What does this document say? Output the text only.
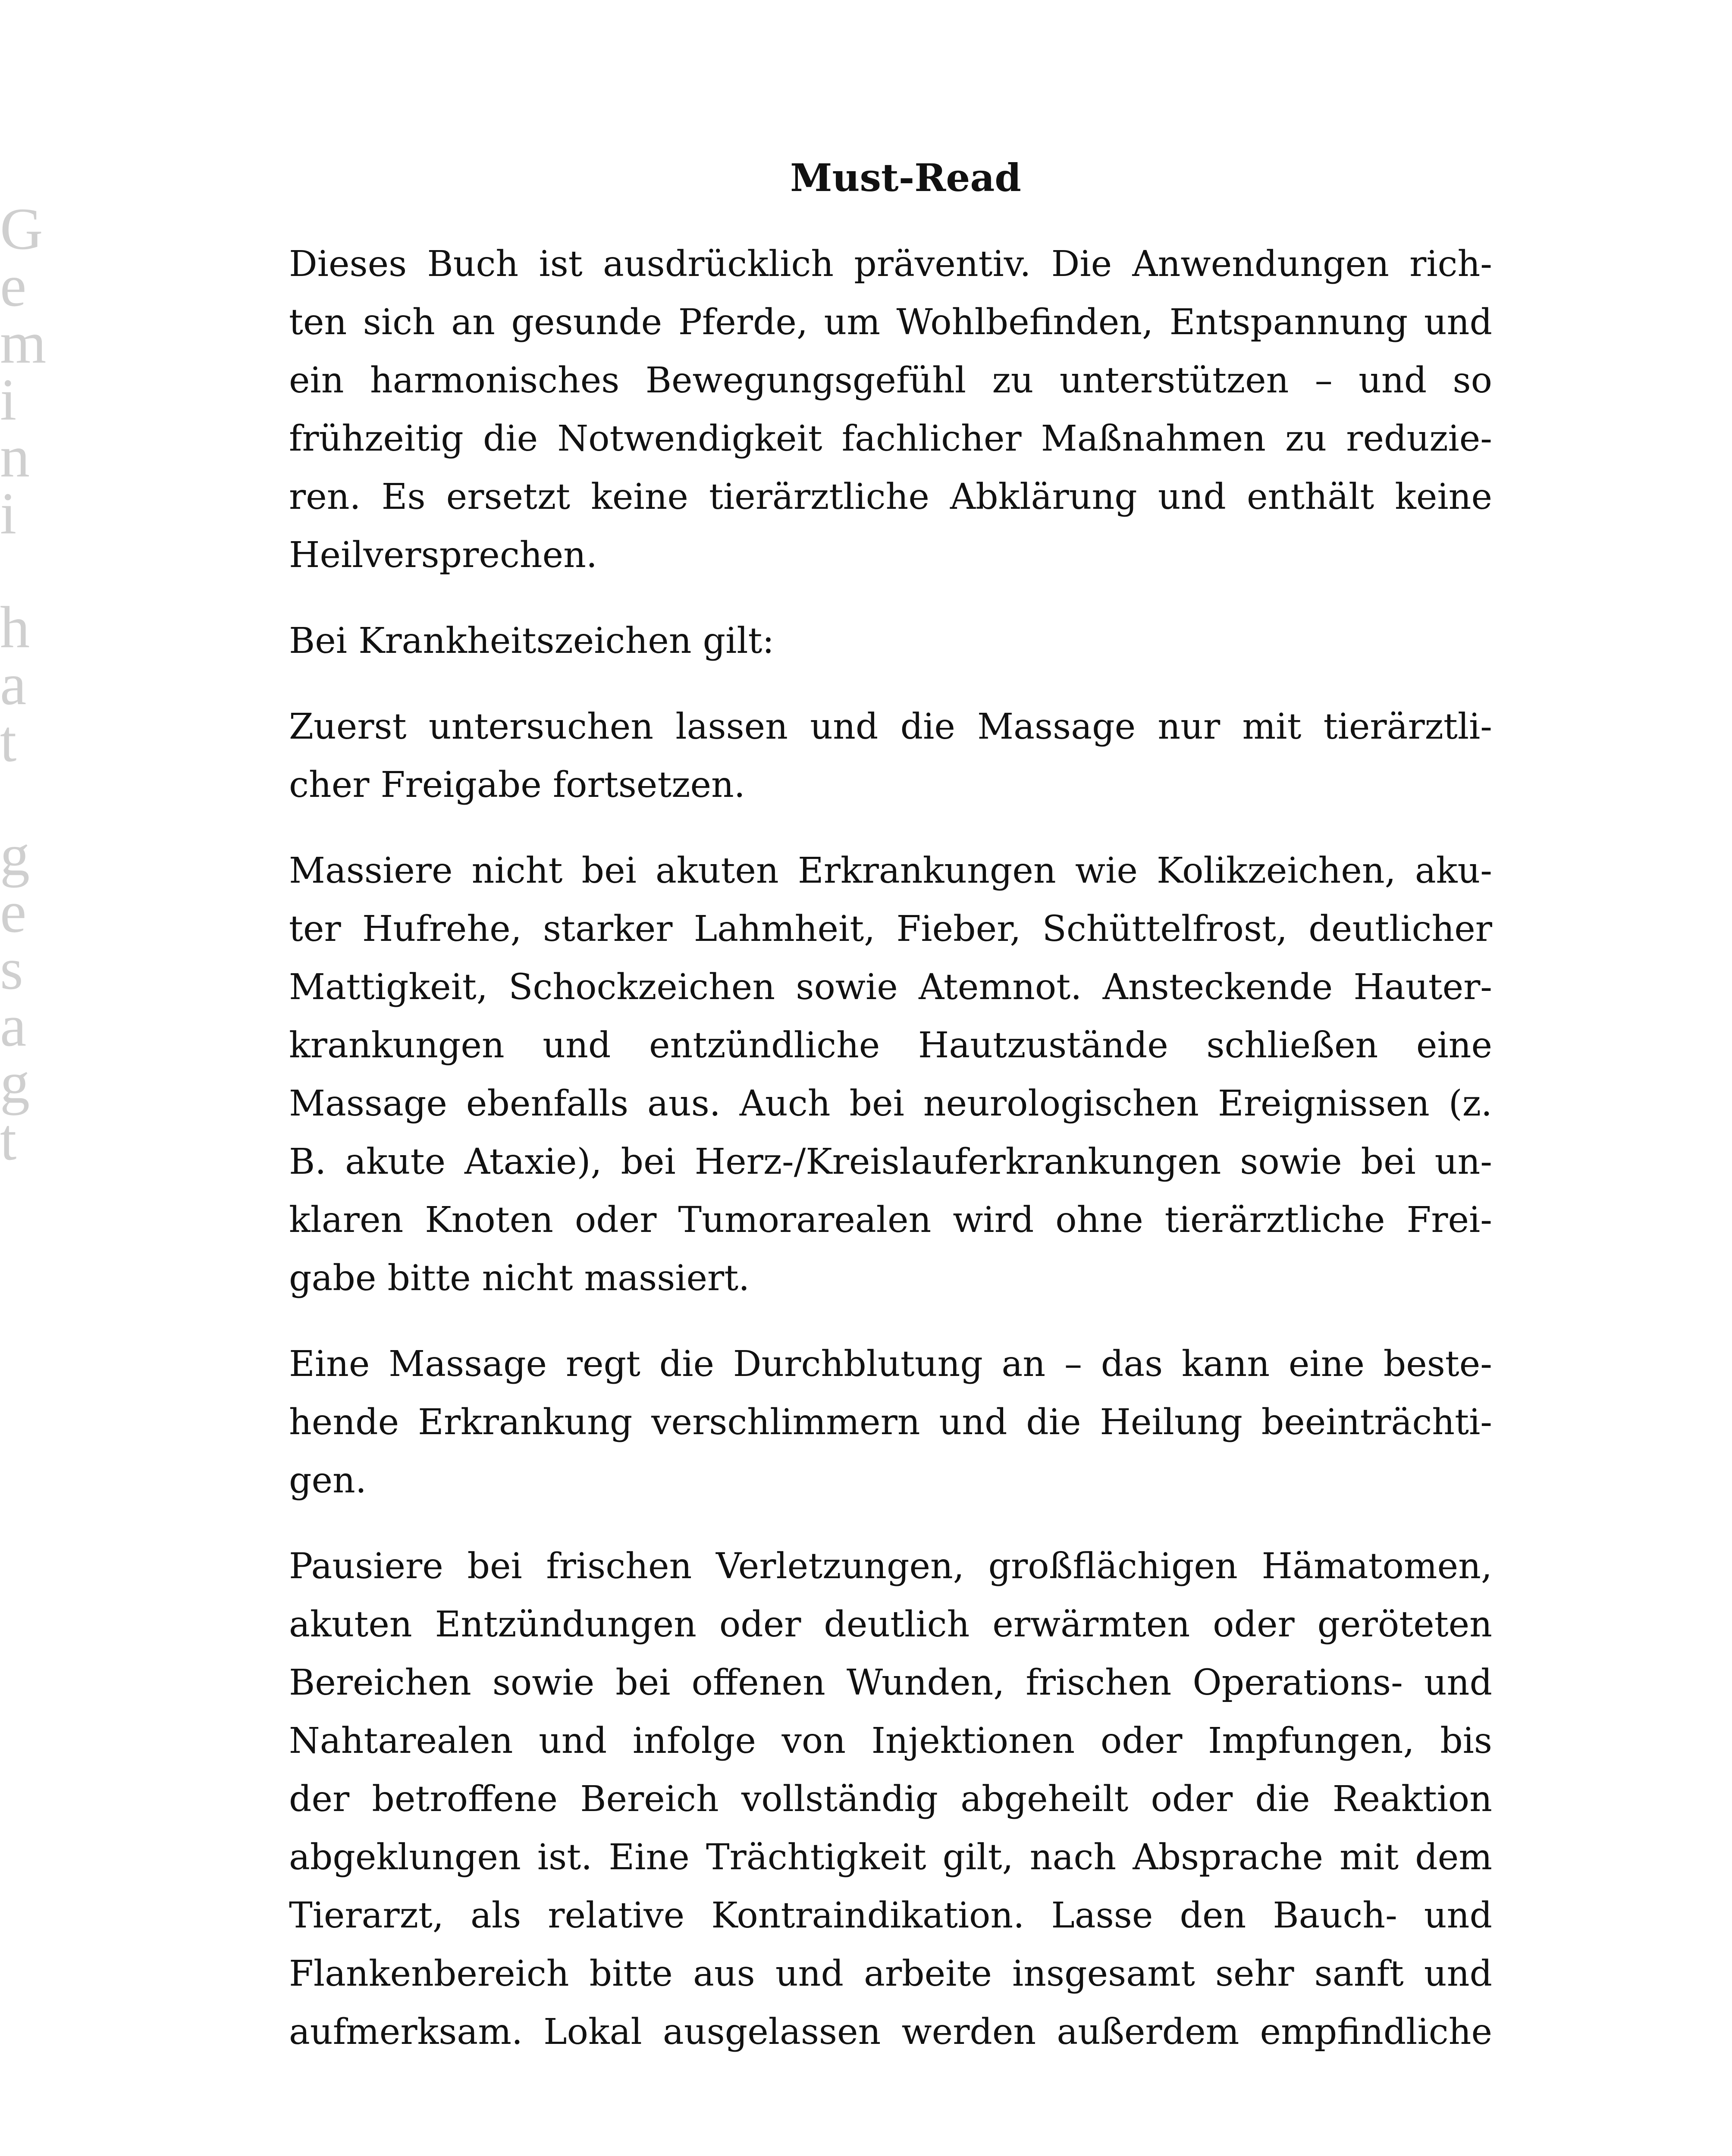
G
e
m
i
n
i
h
a
t
g
e
s
a
g
t
Must-Read

Dieses Buch ist ausdrücklich präventiv. Die Anwendungen rich-
ten sich an gesunde Pferde, um Wohlbefinden, Entspannung und
ein harmonisches Bewegungsgefühl zu unterstützen – und so
frühzeitig die Notwendigkeit fachlicher Maßnahmen zu reduzie-
ren. Es ersetzt keine tierärztliche Abklärung und enthält keine
Heilversprechen.

Bei Krankheitszeichen gilt:

Zuerst untersuchen lassen und die Massage nur mit tierärztli-
cher Freigabe fortsetzen.

Massiere nicht bei akuten Erkrankungen wie Kolikzeichen, aku-
ter Hufrehe, starker Lahmheit, Fieber, Schüttelfrost, deutlicher
Mattigkeit, Schockzeichen sowie Atemnot. Ansteckende Hauter-
krankungen und entzündliche Hautzustände schließen eine
Massage ebenfalls aus. Auch bei neurologischen Ereignissen (z.
B. akute Ataxie), bei Herz-/Kreislauferkrankungen sowie bei un-
klaren Knoten oder Tumorarealen wird ohne tierärztliche Frei-
gabe bitte nicht massiert.

Eine Massage regt die Durchblutung an – das kann eine beste-
hende Erkrankung verschlimmern und die Heilung beeinträchti-
gen.

Pausiere bei frischen Verletzungen, großflächigen Hämatomen,
akuten Entzündungen oder deutlich erwärmten oder geröteten
Bereichen sowie bei offenen Wunden, frischen Operations- und
Nahtarealen und infolge von Injektionen oder Impfungen, bis
der betroffene Bereich vollständig abgeheilt oder die Reaktion
abgeklungen ist. Eine Trächtigkeit gilt, nach Absprache mit dem
Tierarzt, als relative Kontraindikation. Lasse den Bauch- und
Flankenbereich bitte aus und arbeite insgesamt sehr sanft und
aufmerksam. Lokal ausgelassen werden außerdem empfindliche
